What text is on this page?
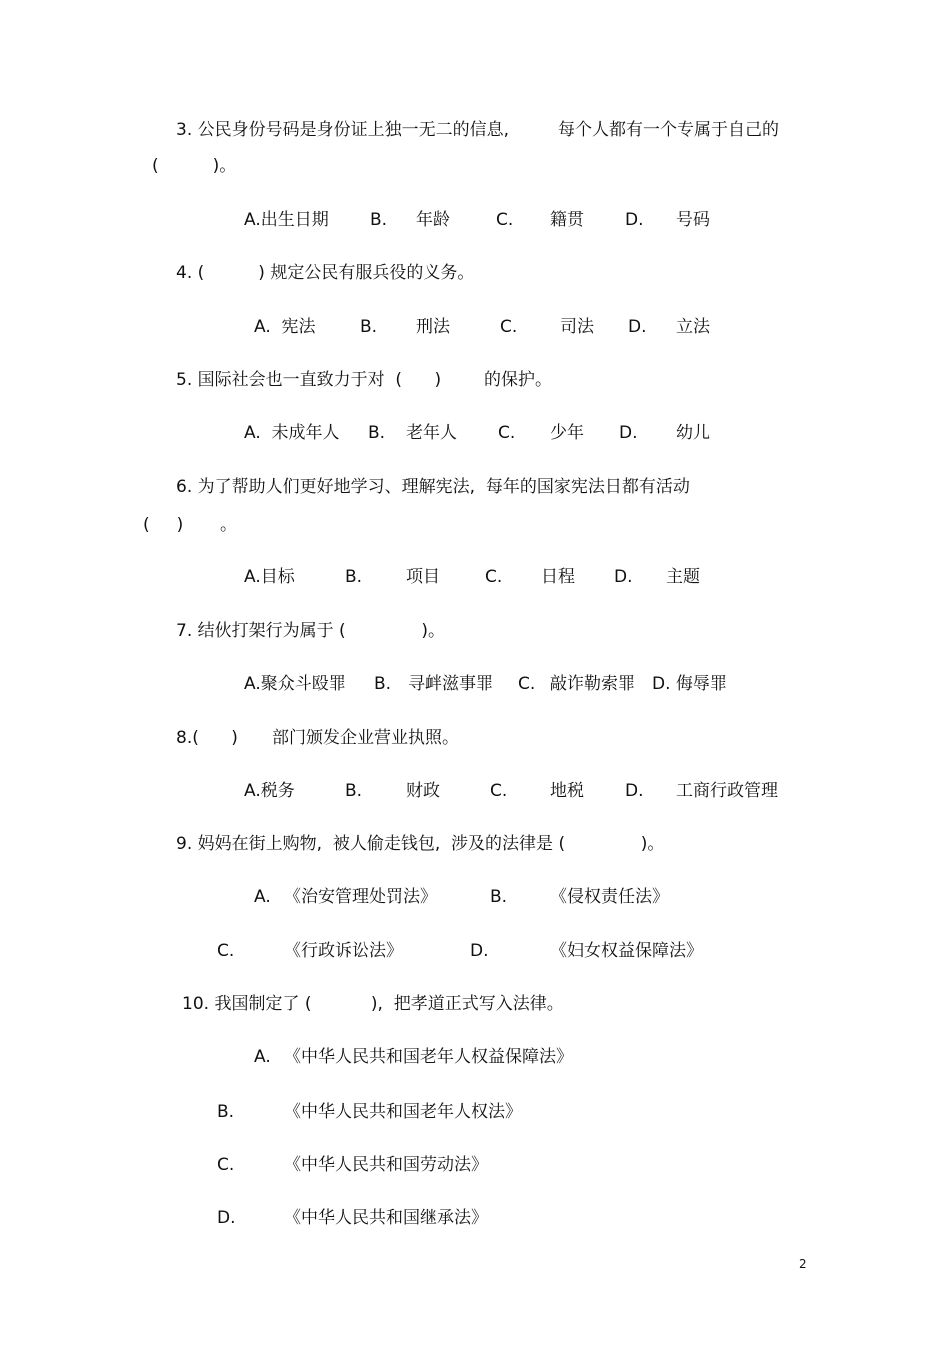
3. 公民身份号码是身份证上独一无二的信息,	每个人都有一个专属于自己的
(          )。
A.出生日期 B. 年龄	C. 籍贯 D. 号码
4. (          ) 规定公民有服兵役的义务。
A.  宪法	B. 刑法	C.	司法 D. 立法
5. 国际社会也一直致力于对  (      )	的保护。
A.  未成年人 B. 老年人 C. 少年 D. 幼儿
6. 为了帮助人们更好地学习、理解宪法,  每年的国家宪法日都有活动
(     ) 。
A.目标	B.	项目	C. 日程 D. 主题
7. 结伙打架行为属于 (              )。
A.聚众斗殴罪 B. 寻衅滋事罪 C. 敲诈勒索罪 D. 侮辱罪
8.(      ) 部门颁发企业营业执照。
A.税务	B.	财政	C.	地税 D. 工商行政管理
9. 妈妈在街上购物,  被人偷走钱包,  涉及的法律是 (              )。
A. 《治安管理处罚法》	B.	《侵权责任法》
C.	《行政诉讼法》	D.	《妇女权益保障法》
10. 我国制定了 (           ),  把孝道正式写入法律。
A. 《中华人民共和国老年人权益保障法》
B.	《中华人民共和国老年人权法》
C.	《中华人民共和国劳动法》
D.	《中华人民共和国继承法》
2
